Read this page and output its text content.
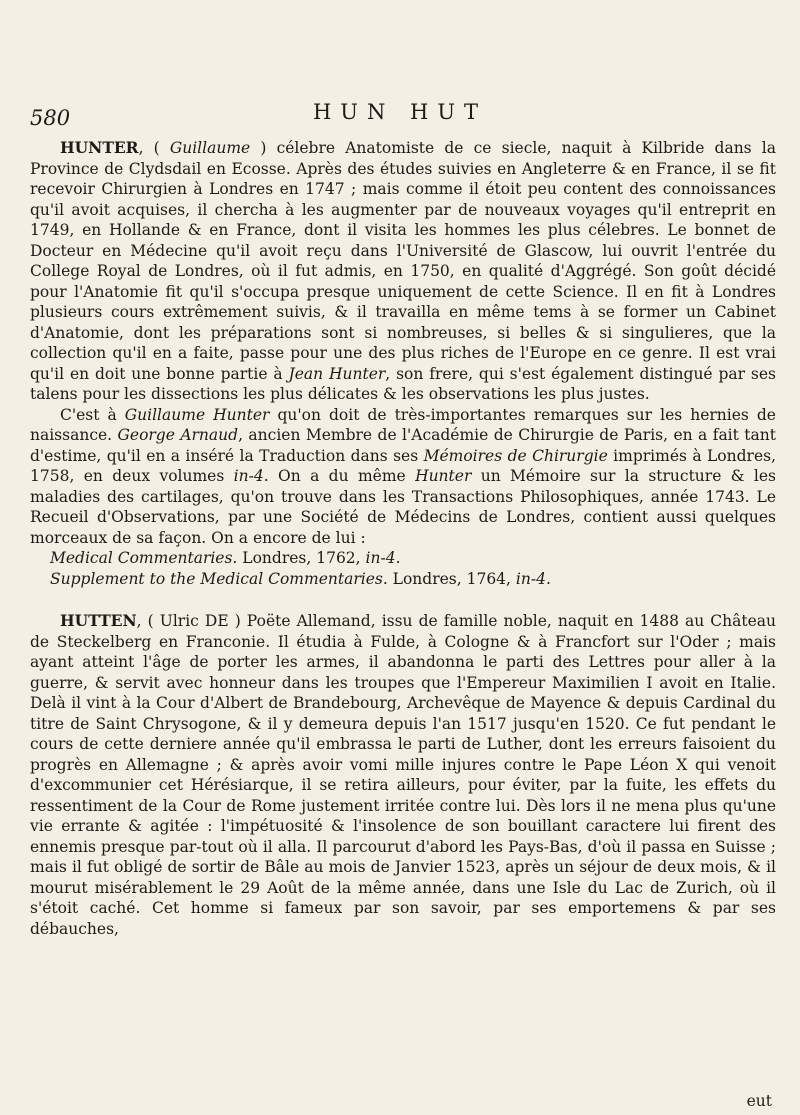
580	HUN HUT

HUNTER, ( Guillaume ) célebre Anatomiste de ce siecle, naquit à Kilbride dans la Province de Clydsdail en Ecosse. Après des études suivies en Angleterre & en France, il se fit recevoir Chirurgien à Londres en 1747 ; mais comme il étoit peu content des connoissances qu'il avoit acquises, il chercha à les augmenter par de nouveaux voyages qu'il entreprit en 1749, en Hollande & en France, dont il visita les hommes les plus célebres. Le bonnet de Docteur en Médecine qu'il avoit reçu dans l'Université de Glascow, lui ouvrit l'entrée du College Royal de Londres, où il fut admis, en 1750, en qualité d'Aggrégé. Son goût décidé pour l'Anatomie fit qu'il s'occupa presque uniquement de cette Science. Il en fit à Londres plusieurs cours extrêmement suivis, & il travailla en même tems à se former un Cabinet d'Anatomie, dont les préparations sont si nombreuses, si belles & si singulieres, que la collection qu'il en a faite, passe pour une des plus riches de l'Europe en ce genre. Il est vrai qu'il en doit une bonne partie à Jean Hunter, son frere, qui s'est également distingué par ses talens pour les dissections les plus délicates & les observations les plus justes.

C'est à Guillaume Hunter qu'on doit de très-importantes remarques sur les hernies de naissance. George Arnaud, ancien Membre de l'Académie de Chirurgie de Paris, en a fait tant d'estime, qu'il en a inséré la Traduction dans ses Mémoires de Chirurgie imprimés à Londres, 1758, en deux volumes in-4. On a du même Hunter un Mémoire sur la structure & les maladies des cartilages, qu'on trouve dans les Transactions Philosophiques, année 1743. Le Recueil d'Observations, par une Société de Médecins de Londres, contient aussi quelques morceaux de sa façon. On a encore de lui :

Medical Commentaries. Londres, 1762, in-4.
Supplement to the Medical Commentaries. Londres, 1764, in-4.

HUTTEN, ( Ulric DE ) Poëte Allemand, issu de famille noble, naquit en 1488 au Château de Steckelberg en Franconie. Il étudia à Fulde, à Cologne & à Francfort sur l'Oder ; mais ayant atteint l'âge de porter les armes, il abandonna le parti des Lettres pour aller à la guerre, & servit avec honneur dans les troupes que l'Empereur Maximilien I avoit en Italie. Delà il vint à la Cour d'Albert de Brandebourg, Archevêque de Mayence & depuis Cardinal du titre de Saint Chrysogone, & il y demeura depuis l'an 1517 jusqu'en 1520. Ce fut pendant le cours de cette derniere année qu'il embrassa le parti de Luther, dont les erreurs faisoient du progrès en Allemagne ; & après avoir vomi mille injures contre le Pape Léon X qui venoit d'excommunier cet Hérésiarque, il se retira ailleurs, pour éviter, par la fuite, les effets du ressentiment de la Cour de Rome justement irritée contre lui. Dès lors il ne mena plus qu'une vie errante & agitée : l'impétuosité & l'insolence de son bouillant caractere lui firent des ennemis presque par-tout où il alla. Il parcourut d'abord les Pays-Bas, d'où il passa en Suisse ; mais il fut obligé de sortir de Bâle au mois de Janvier 1523, après un séjour de deux mois, & il mourut misérablement le 29 Août de la même année, dans une Isle du Lac de Zurich, où il s'étoit caché. Cet homme si fameux par son savoir, par ses emportemens & par ses débauches,

eut
